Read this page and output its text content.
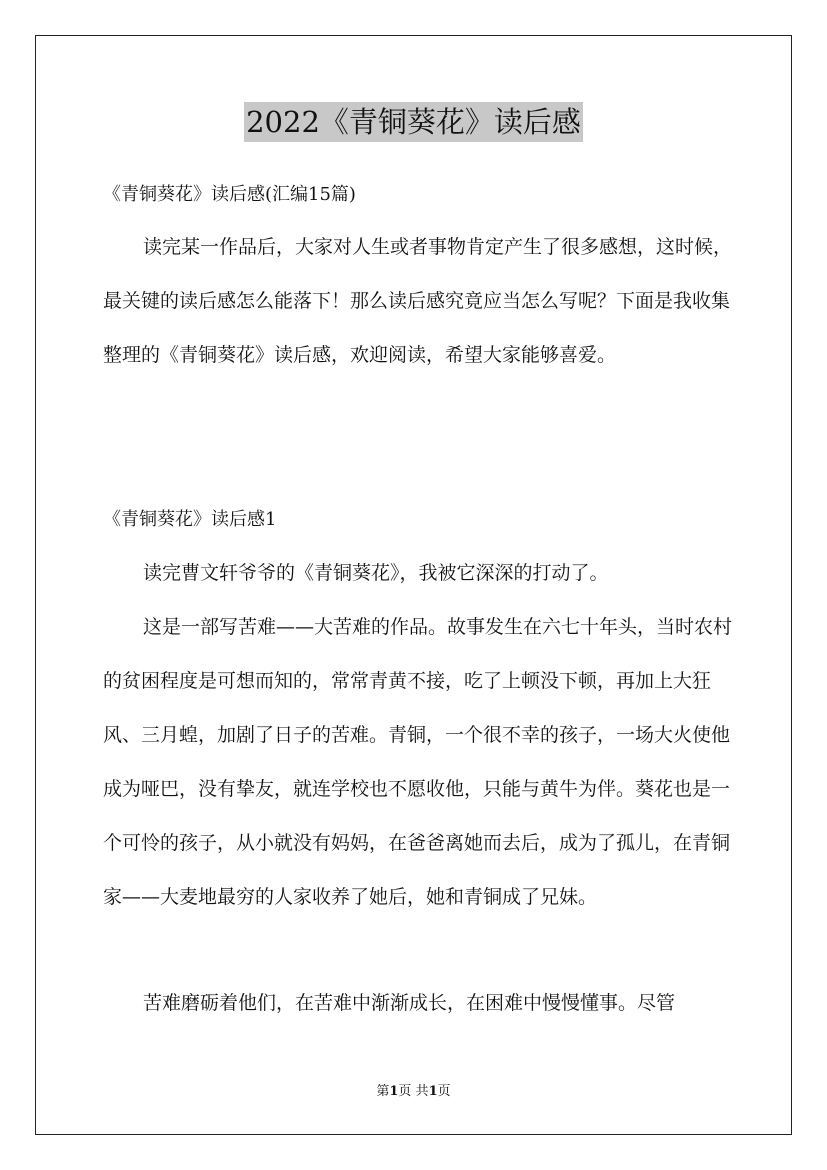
2022《青铜葵花》读后感
《青铜葵花》读后感(汇编15篇)

读完某一作品后，大家对人生或者事物肯定产生了很多感想，这时候，最关键的读后感怎么能落下！那么读后感究竟应当怎么写呢？下面是我收集整理的《青铜葵花》读后感，欢迎阅读，希望大家能够喜爱。

《青铜葵花》读后感1

读完曹文轩爷爷的《青铜葵花》，我被它深深的打动了。

这是一部写苦难——大苦难的作品。故事发生在六七十年头，当时农村的贫困程度是可想而知的，常常青黄不接，吃了上顿没下顿，再加上大狂风、三月蝗，加剧了日子的苦难。青铜，一个很不幸的孩子，一场大火使他成为哑巴，没有挚友，就连学校也不愿收他，只能与黄牛为伴。葵花也是一个可怜的孩子，从小就没有妈妈，在爸爸离她而去后，成为了孤儿，在青铜家——大麦地最穷的人家收养了她后，她和青铜成了兄妹。

苦难磨砺着他们，在苦难中渐渐成长，在困难中慢慢懂事。尽管

第1页 共1页
